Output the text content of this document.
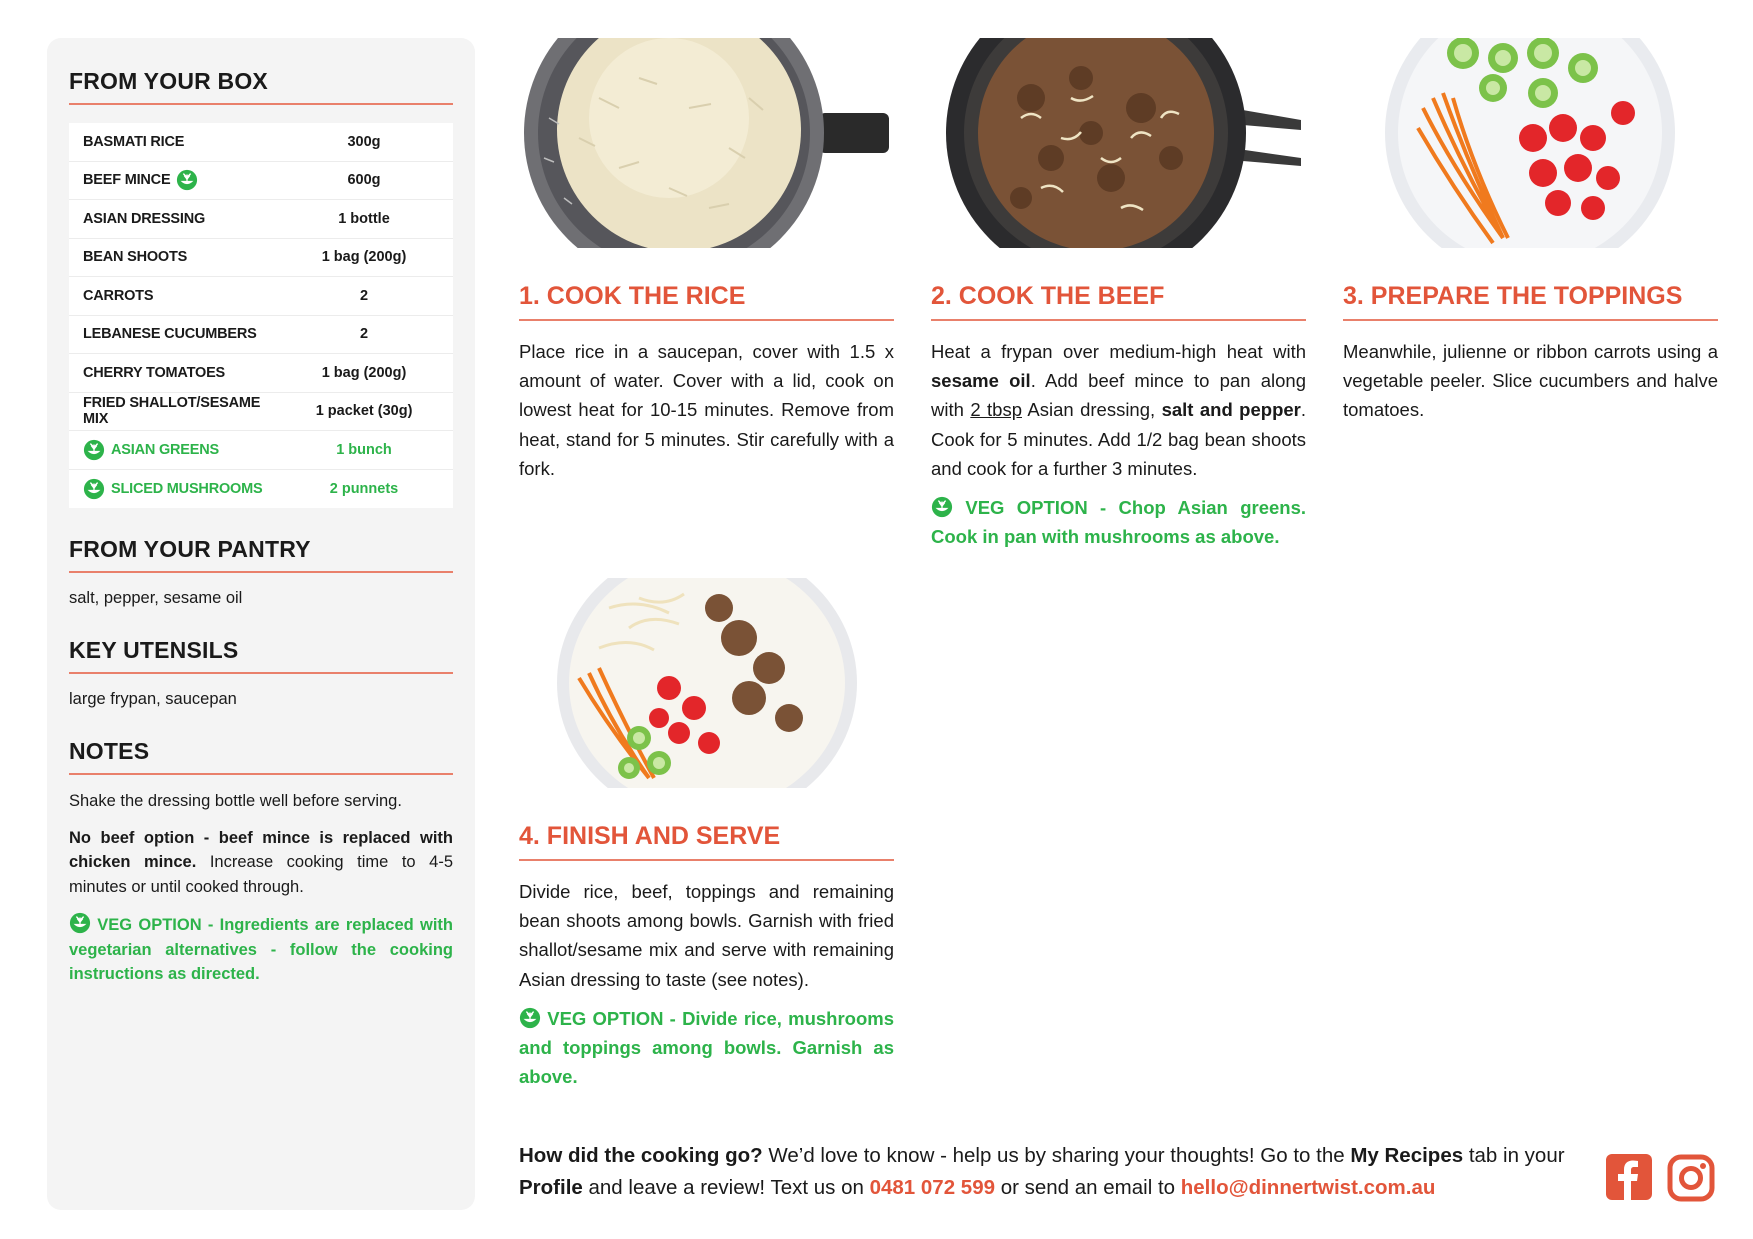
FROM YOUR BOX
BASMATI RICE	300g
BEEF MINCE	600g
ASIAN DRESSING	1 bottle
BEAN SHOOTS	1 bag (200g)
CARROTS	2
LEBANESE CUCUMBERS	2
CHERRY TOMATOES	1 bag (200g)
FRIED SHALLOT/SESAME MIX	1 packet (30g)
ASIAN GREENS	1 bunch
SLICED MUSHROOMS	2 punnets
FROM YOUR PANTRY
salt, pepper, sesame oil
KEY UTENSILS
large frypan, saucepan
NOTES

Shake the dressing bottle well before serving.

No beef option - beef mince is replaced with chicken mince. Increase cooking time to 4-5 minutes or until cooked through.

VEG OPTION - Ingredients are replaced with vegetarian alternatives - follow the cooking instructions as directed.

1. COOK THE RICE

Place rice in a saucepan, cover with 1.5 x amount of water. Cover with a lid, cook on lowest heat for 10-15 minutes. Remove from heat, stand for 5 minutes. Stir carefully with a fork.

2. COOK THE BEEF

Heat a frypan over medium-high heat with sesame oil. Add beef mince to pan along with 2 tbsp Asian dressing, salt and pepper. Cook for 5 minutes. Add 1/2 bag bean shoots and cook for a further 3 minutes.

VEG OPTION - Chop Asian greens. Cook in pan with mushrooms as above.

3. PREPARE THE TOPPINGS

Meanwhile, julienne or ribbon carrots using a vegetable peeler. Slice cucumbers and halve tomatoes.

4. FINISH AND SERVE

Divide rice, beef, toppings and remaining bean shoots among bowls. Garnish with fried shallot/sesame mix and serve with remaining Asian dressing to taste (see notes).

VEG OPTION - Divide rice, mushrooms and toppings among bowls. Garnish as above.

How did the cooking go? We’d love to know - help us by sharing your thoughts! Go to the My Recipes tab in your Profile and leave a review! Text us on 0481 072 599 or send an email to hello@dinnertwist.com.au
